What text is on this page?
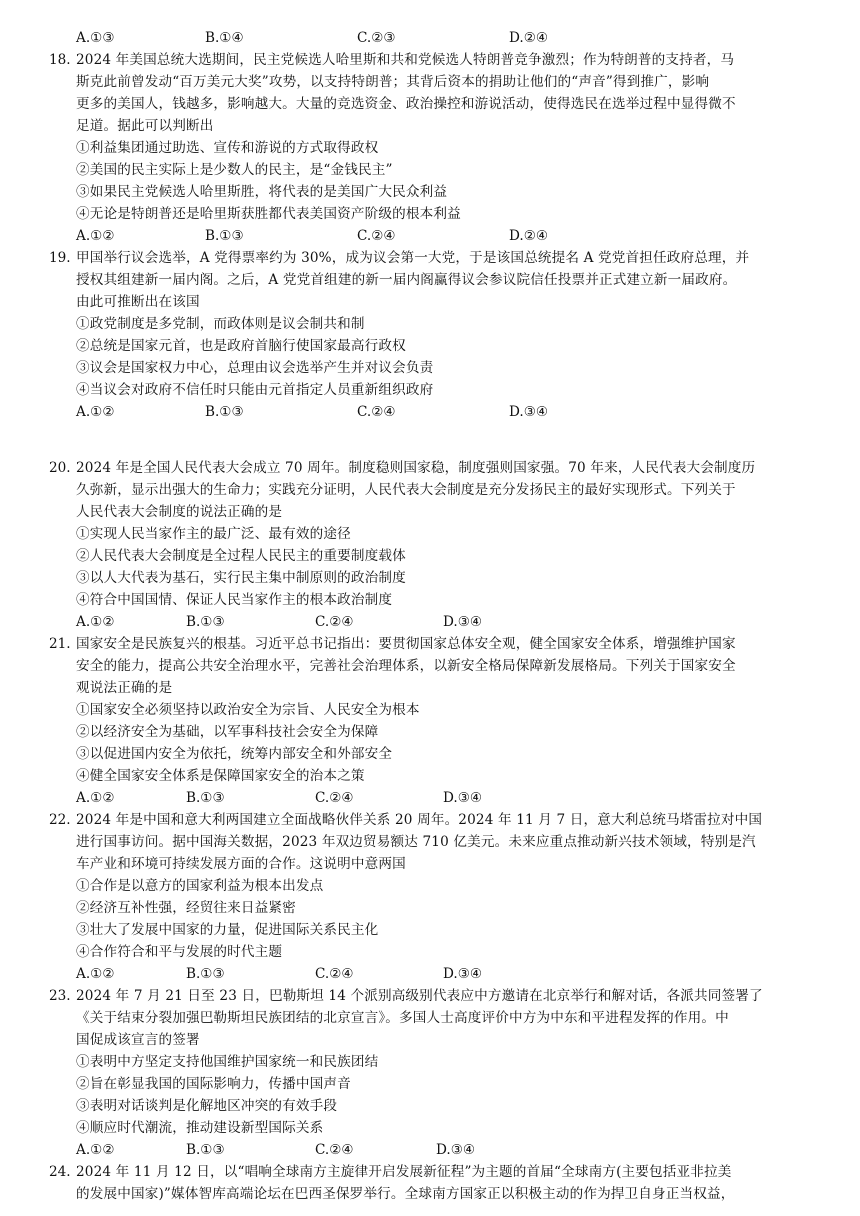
A.①③	B.①④	C.②③	D.②④
18. 2024 年美国总统大选期间，民主党候选人哈里斯和共和党候选人特朗普竞争激烈；作为特朗普的支持者，马
斯克此前曾发动“百万美元大奖”攻势，以支持特朗普；其背后资本的捐助让他们的“声音”得到推广，影响
更多的美国人，钱越多，影响越大。大量的竞选资金、政治操控和游说活动，使得选民在选举过程中显得微不
足道。据此可以判断出
①利益集团通过助选、宣传和游说的方式取得政权
②美国的民主实际上是少数人的民主，是“金钱民主”
③如果民主党候选人哈里斯胜，将代表的是美国广大民众利益
④无论是特朗普还是哈里斯获胜都代表美国资产阶级的根本利益
A.①②	B.①③	C.②④	D.②④
19. 甲国举行议会选举，A 党得票率约为 30%，成为议会第一大党，于是该国总统提名 A 党党首担任政府总理，并
授权其组建新一届内阁。之后，A 党党首组建的新一届内阁赢得议会参议院信任投票并正式建立新一届政府。
由此可推断出在该国
①政党制度是多党制，而政体则是议会制共和制
②总统是国家元首，也是政府首脑行使国家最高行政权
③议会是国家权力中心，总理由议会选举产生并对议会负责
④当议会对政府不信任时只能由元首指定人员重新组织政府
A.①②	B.①③	C.②④	D.③④
20. 2024 年是全国人民代表大会成立 70 周年。制度稳则国家稳，制度强则国家强。70 年来，人民代表大会制度历
久弥新，显示出强大的生命力；实践充分证明，人民代表大会制度是充分发扬民主的最好实现形式。下列关于
人民代表大会制度的说法正确的是
①实现人民当家作主的最广泛、最有效的途径
②人民代表大会制度是全过程人民民主的重要制度载体
③以人大代表为基石，实行民主集中制原则的政治制度
④符合中国国情、保证人民当家作主的根本政治制度
A.①②	B.①③	C.②④	D.③④
21. 国家安全是民族复兴的根基。习近平总书记指出：要贯彻国家总体安全观，健全国家安全体系，增强维护国家
安全的能力，提高公共安全治理水平，完善社会治理体系，以新安全格局保障新发展格局。下列关于国家安全
观说法正确的是
①国家安全必须坚持以政治安全为宗旨、人民安全为根本
②以经济安全为基础，以军事科技社会安全为保障
③以促进国内安全为依托，统筹内部安全和外部安全
④健全国家安全体系是保障国家安全的治本之策
A.①②	B.①③	C.②④	D.③④
22. 2024 年是中国和意大利两国建立全面战略伙伴关系 20 周年。2024 年 11 月 7 日，意大利总统马塔雷拉对中国
进行国事访问。据中国海关数据，2023 年双边贸易额达 710 亿美元。未来应重点推动新兴技术领域，特别是汽
车产业和环境可持续发展方面的合作。这说明中意两国
①合作是以意方的国家利益为根本出发点
②经济互补性强，经贸往来日益紧密
③壮大了发展中国家的力量，促进国际关系民主化
④合作符合和平与发展的时代主题
A.①②	B.①③	C.②④	D.③④
23. 2024 年 7 月 21 日至 23 日，巴勒斯坦 14 个派别高级别代表应中方邀请在北京举行和解对话，各派共同签署了
《关于结束分裂加强巴勒斯坦民族团结的北京宣言》。多国人士高度评价中方为中东和平进程发挥的作用。中
国促成该宣言的签署
①表明中方坚定支持他国维护国家统一和民族团结
②旨在彰显我国的国际影响力，传播中国声音
③表明对话谈判是化解地区冲突的有效手段
④顺应时代潮流，推动建设新型国际关系
A.①②	B.①③	C.②④	D.③④
24. 2024 年 11 月 12 日，以“唱响全球南方主旋律开启发展新征程”为主题的首届“全球南方(主要包括亚非拉美
的发展中国家)”媒体智库高端论坛在巴西圣保罗举行。全球南方国家正以积极主动的作为捍卫自身正当权益，
